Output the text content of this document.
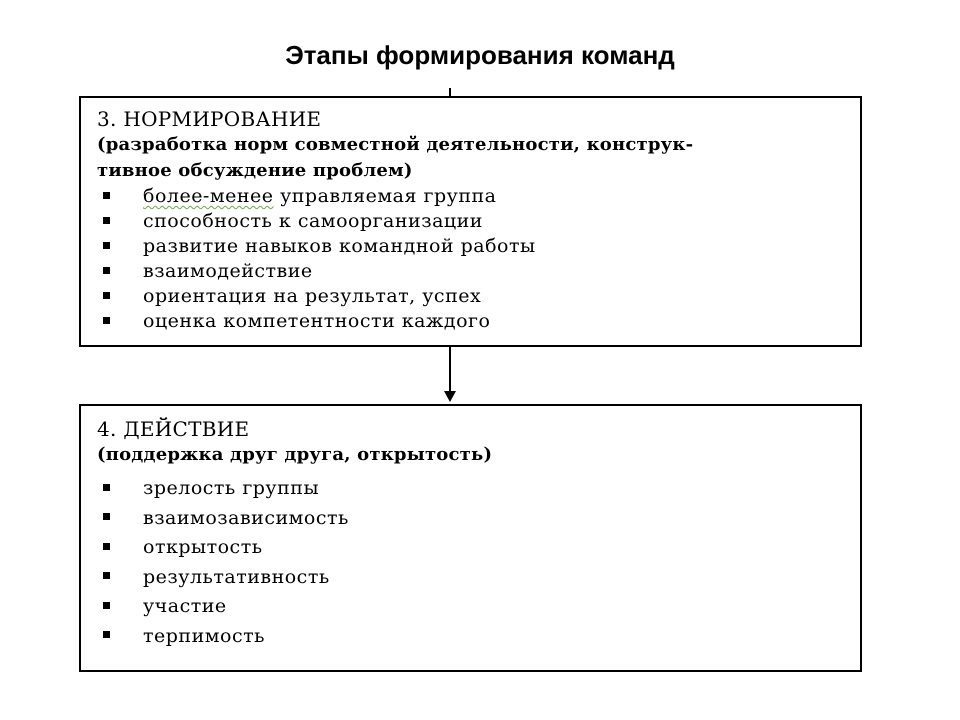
Этапы формирования команд
3. НОРМИРОВАНИЕ
(разработка норм совместной деятельности, конструк-
тивное обсуждение проблем)
более-менее управляемая группа
способность к самоорганизации
развитие навыков командной работы
взаимодействие
ориентация на результат, успех
оценка компетентности каждого
4. ДЕЙСТВИЕ
(поддержка друг друга, открытость)
зрелость группы
взаимозависимость
открытость
результативность
участие
терпимость
